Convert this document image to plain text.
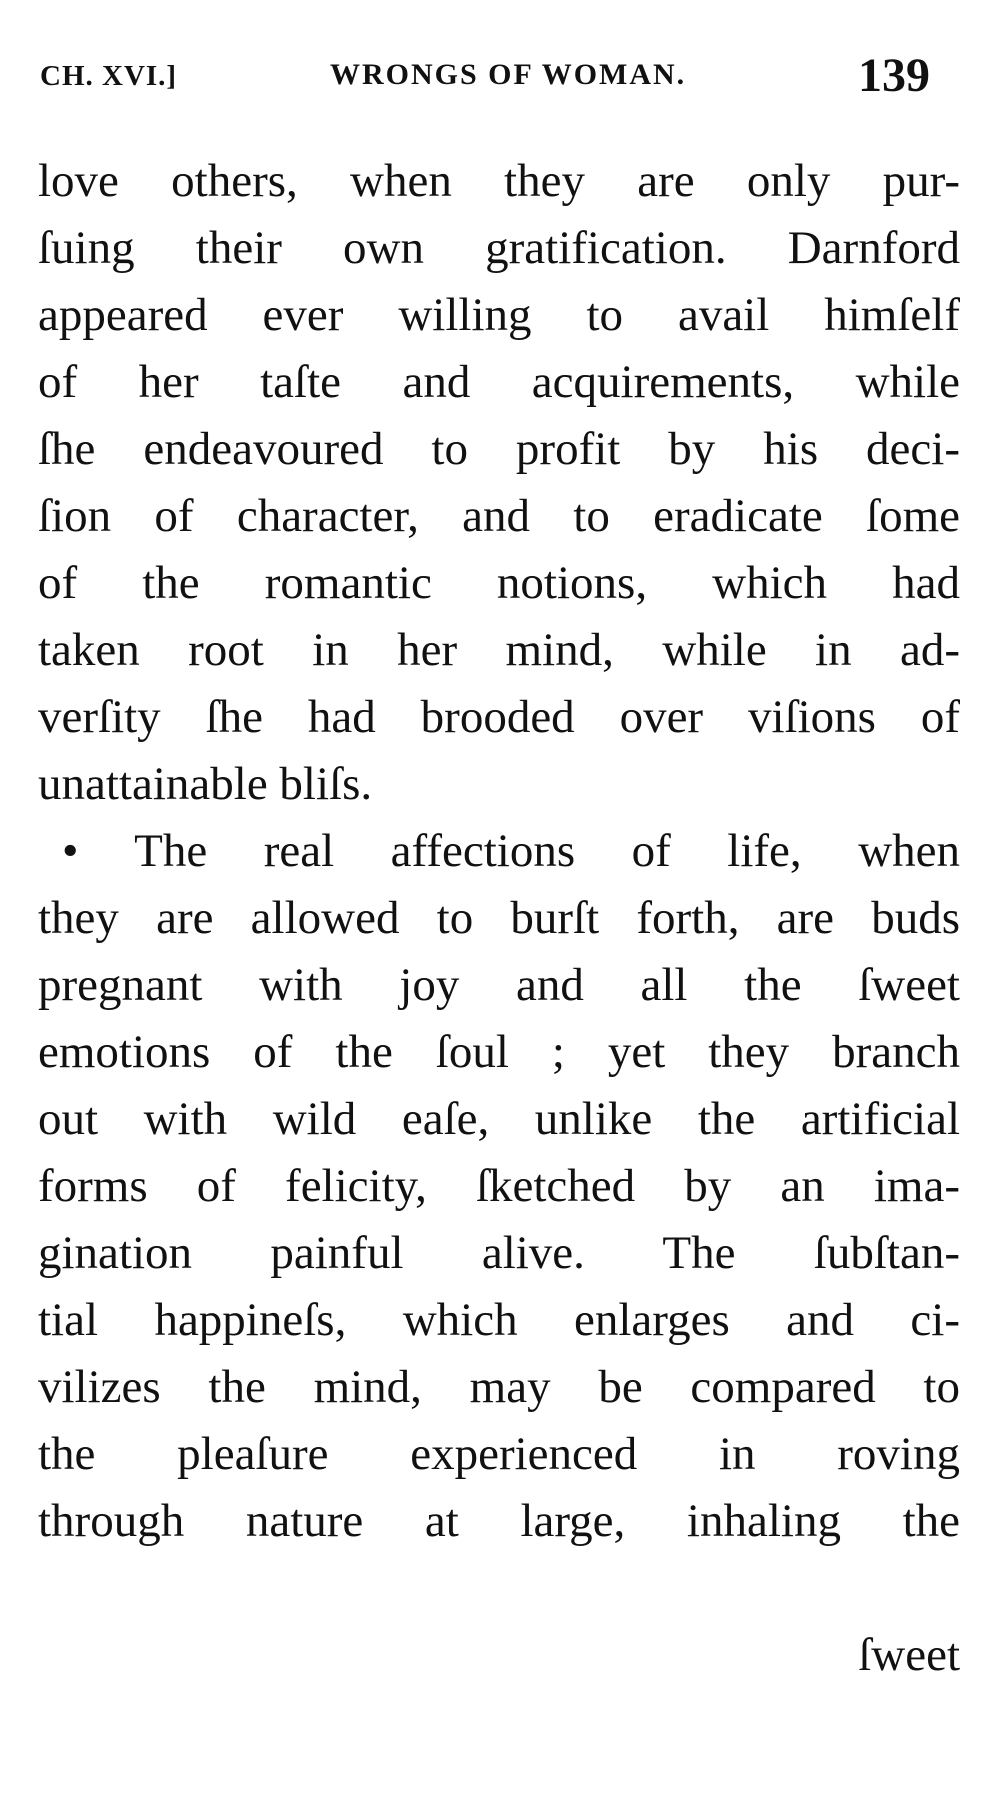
CH. XVI.]	WRONGS OF WOMAN.	139
love others, when they are only pur-
ſuing their own gratification. Darnford
appeared ever willing to avail himſelf
of her taſte and acquirements, while
ſhe endeavoured to profit by his deci-
ſion of character, and to eradicate ſome
of the romantic notions, which had
taken root in her mind, while in ad-
verſity ſhe had brooded over viſions of
unattainable bliſs.
• The real affections of life, when
they are allowed to burſt forth, are buds
pregnant with joy and all the ſweet
emotions of the ſoul ; yet they branch
out with wild eaſe, unlike the artificial
forms of felicity, ſketched by an ima-
gination painful alive. The ſubſtan-
tial happineſs, which enlarges and ci-
vilizes the mind, may be compared to
the pleaſure experienced in roving
through nature at large, inhaling the
ſweet
